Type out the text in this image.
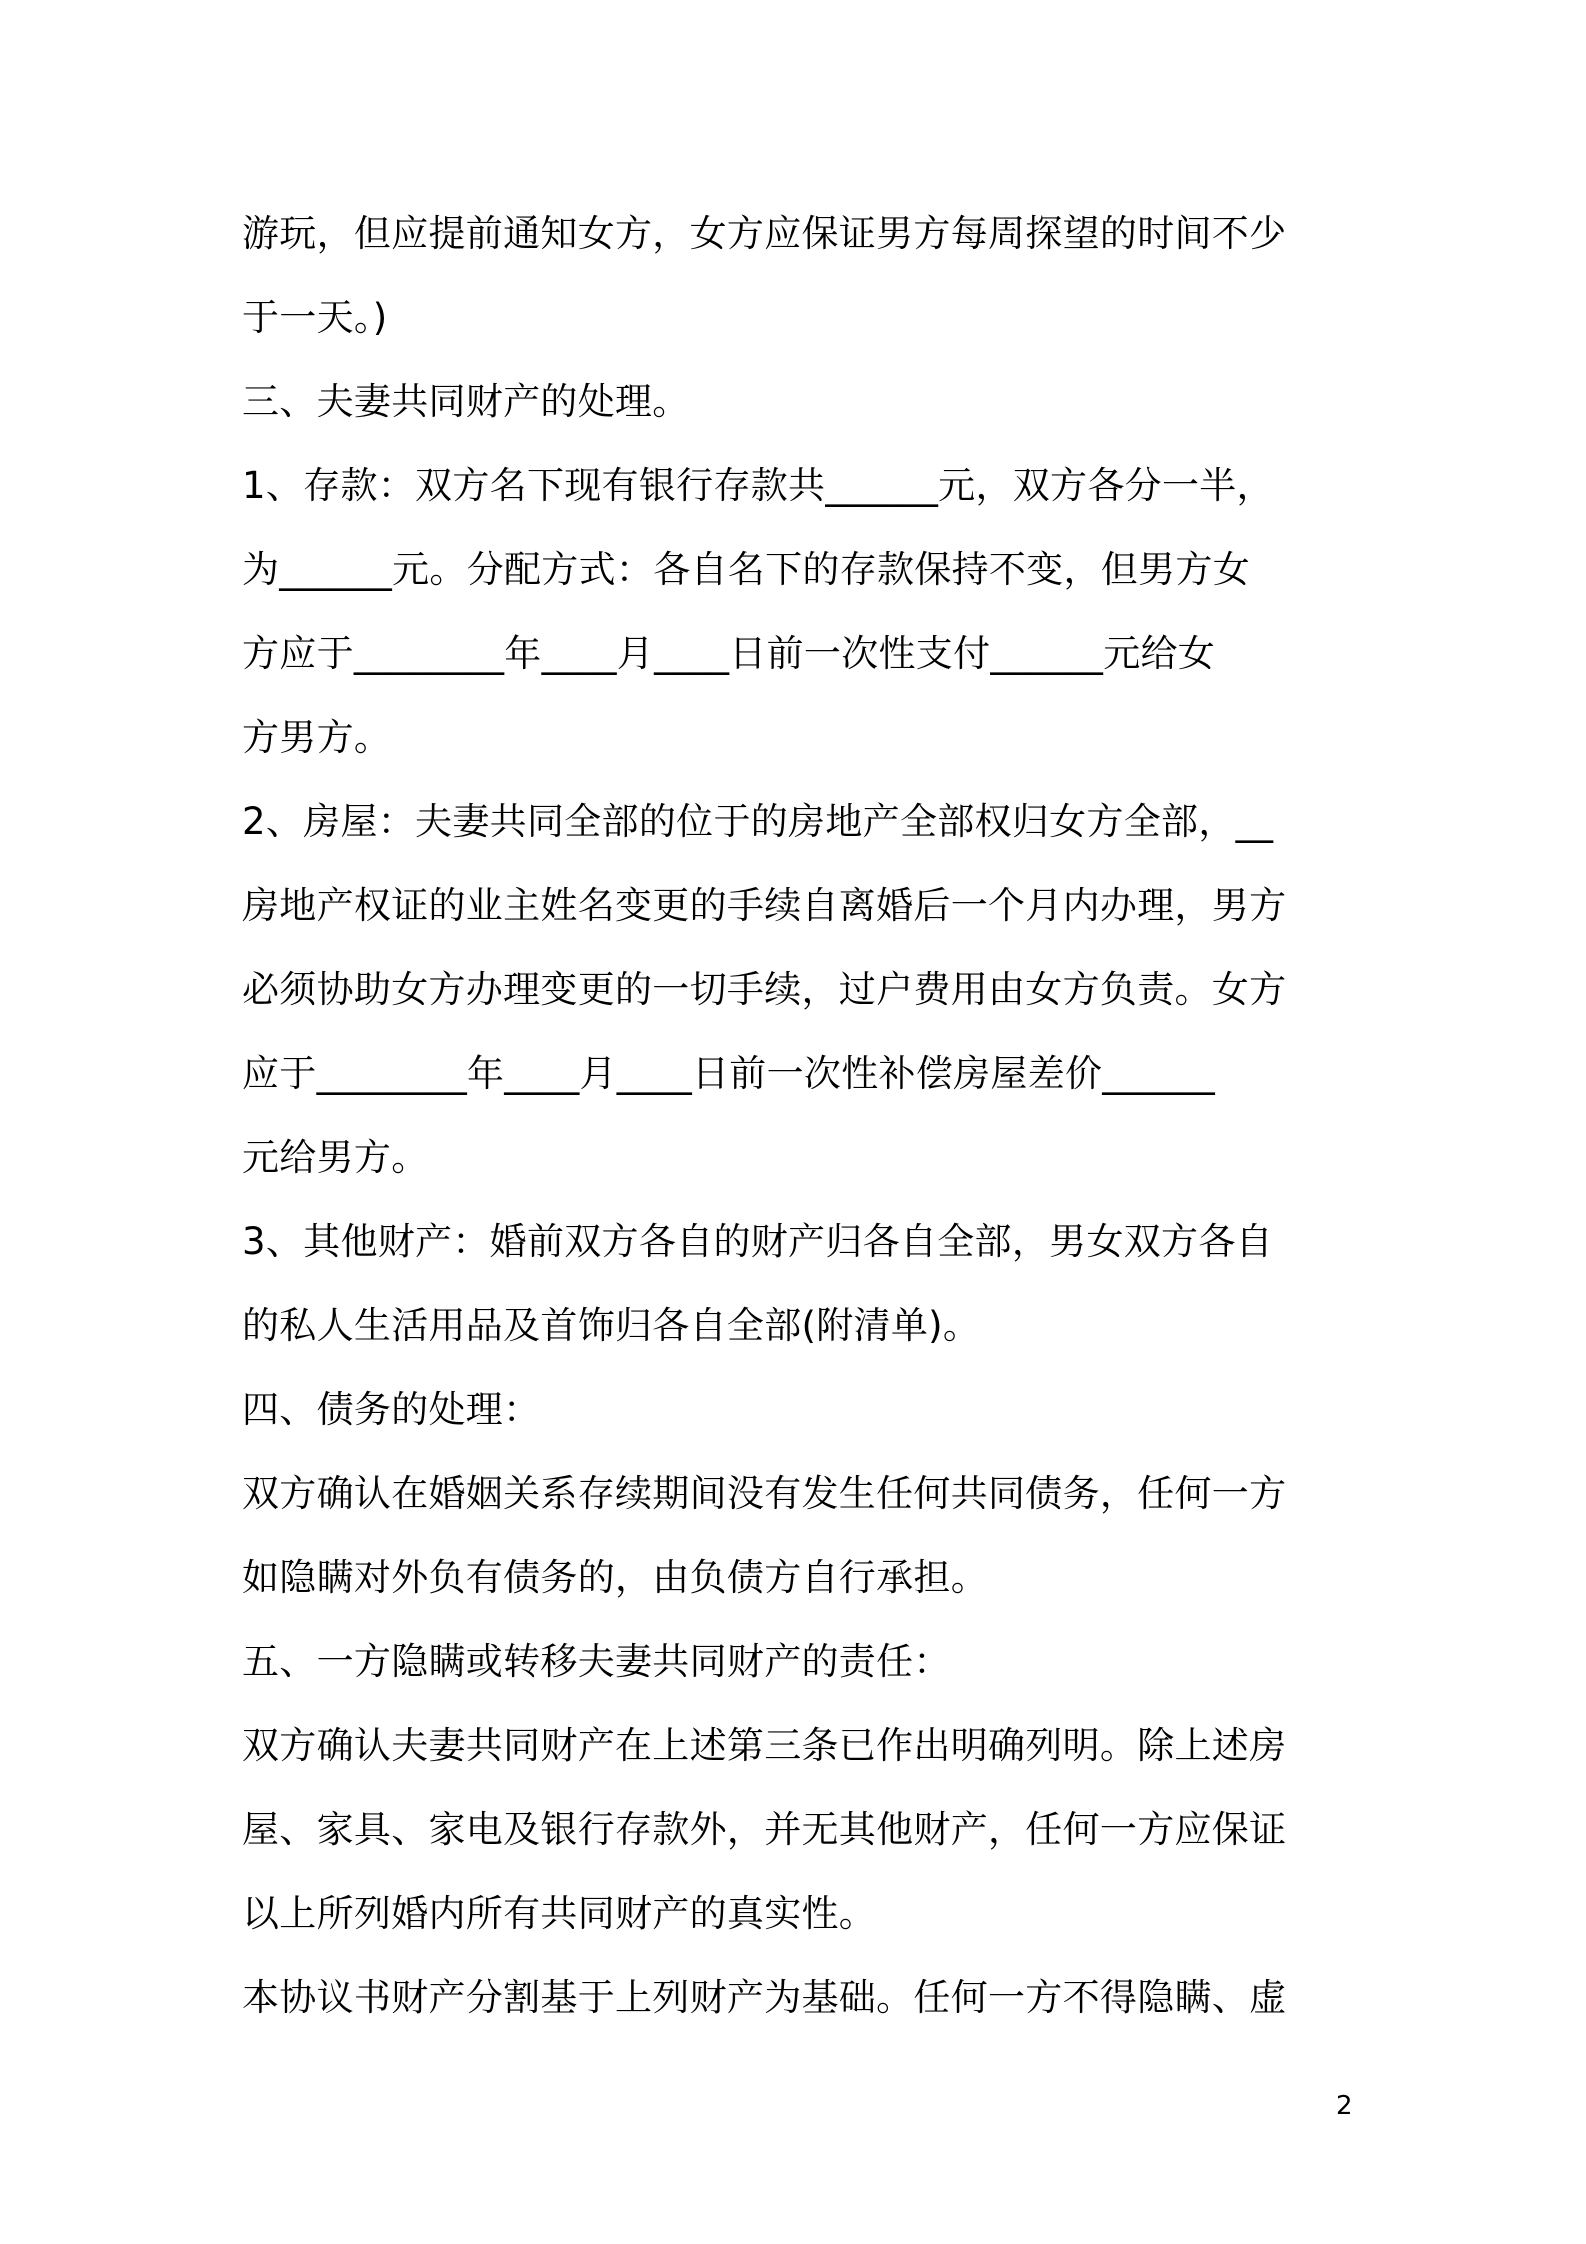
游玩，但应提前通知女方，女方应保证男方每周探望的时间不少
于一天。)
三、夫妻共同财产的处理。
1、存款：双方名下现有银行存款共______元，双方各分一半，
为______元。分配方式：各自名下的存款保持不变，但男方女
方应于________年____月____日前一次性支付______元给女
方男方。
2、房屋：夫妻共同全部的位于的房地产全部权归女方全部，__
房地产权证的业主姓名变更的手续自离婚后一个月内办理，男方
必须协助女方办理变更的一切手续，过户费用由女方负责。女方
应于________年____月____日前一次性补偿房屋差价______
元给男方。
3、其他财产：婚前双方各自的财产归各自全部，男女双方各自
的私人生活用品及首饰归各自全部(附清单)。
四、债务的处理：
双方确认在婚姻关系存续期间没有发生任何共同债务，任何一方
如隐瞒对外负有债务的，由负债方自行承担。
五、一方隐瞒或转移夫妻共同财产的责任：
双方确认夫妻共同财产在上述第三条已作出明确列明。除上述房
屋、家具、家电及银行存款外，并无其他财产，任何一方应保证
以上所列婚内所有共同财产的真实性。
本协议书财产分割基于上列财产为基础。任何一方不得隐瞒、虚
2
